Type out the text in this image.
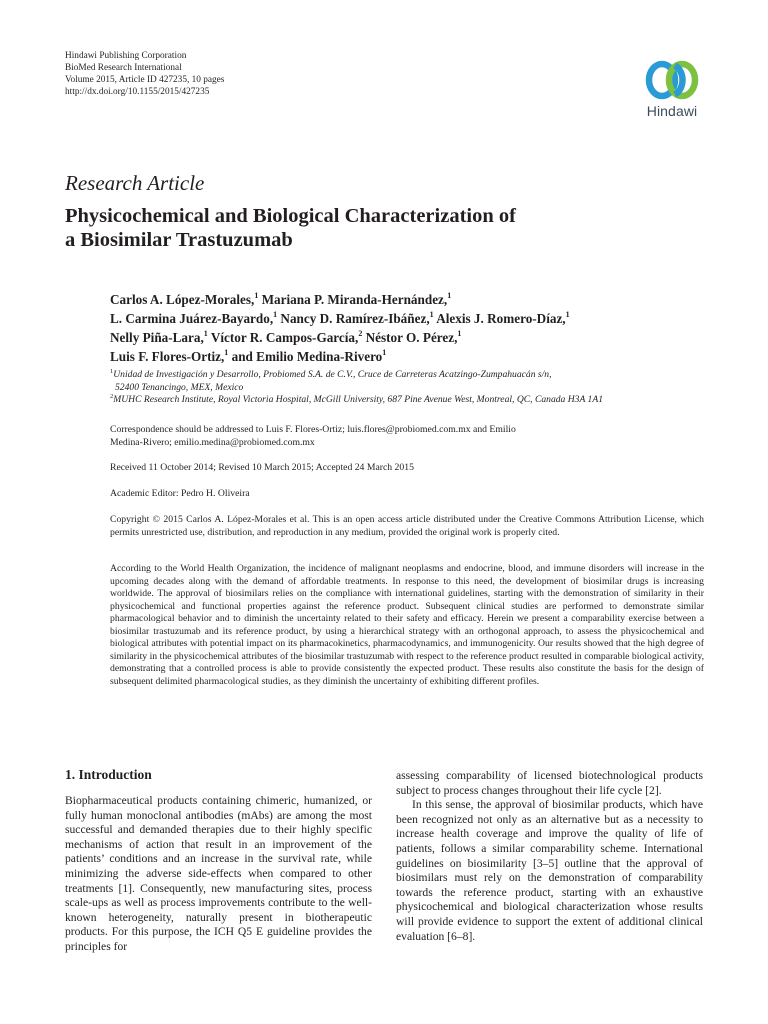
Hindawi Publishing Corporation
BioMed Research International
Volume 2015, Article ID 427235, 10 pages
http://dx.doi.org/10.1155/2015/427235
Hindawi
Research Article
Physicochemical and Biological Characterization of
a Biosimilar Trastuzumab
Carlos A. López-Morales,$^1$ Mariana P. Miranda-Hernández,$^1$
L. Carmina Juárez-Bayardo,$^1$ Nancy D. Ramírez-Ibáñez,$^1$ Alexis J. Romero-Díaz,$^1$
Nelly Piña-Lara,$^1$ Víctor R. Campos-García,$^2$ Néstor O. Pérez,$^1$
Luis F. Flores-Ortiz,$^1$ and Emilio Medina-Rivero$^1$
$^1$Unidad de Investigación y Desarrollo, Probiomed S.A. de C.V., Cruce de Carreteras Acatzingo-Zumpahuacán s/n,
52400 Tenancingo, MEX, Mexico
$^2$MUHC Research Institute, Royal Victoria Hospital, McGill University, 687 Pine Avenue West, Montreal, QC, Canada H3A 1A1
Correspondence should be addressed to Luis F. Flores-Ortiz; luis.flores@probiomed.com.mx and Emilio Medina-Rivero; emilio.medina@probiomed.com.mx
Received 11 October 2014; Revised 10 March 2015; Accepted 24 March 2015
Academic Editor: Pedro H. Oliveira
Copyright © 2015 Carlos A. López-Morales et al. This is an open access article distributed under the Creative Commons Attribution License, which permits unrestricted use, distribution, and reproduction in any medium, provided the original work is properly cited.
According to the World Health Organization, the incidence of malignant neoplasms and endocrine, blood, and immune disorders will increase in the upcoming decades along with the demand of affordable treatments. In response to this need, the development of biosimilar drugs is increasing worldwide. The approval of biosimilars relies on the compliance with international guidelines, starting with the demonstration of similarity in their physicochemical and functional properties against the reference product. Subsequent clinical studies are performed to demonstrate similar pharmacological behavior and to diminish the uncertainty related to their safety and efficacy. Herein we present a comparability exercise between a biosimilar trastuzumab and its reference product, by using a hierarchical strategy with an orthogonal approach, to assess the physicochemical and biological attributes with potential impact on its pharmacokinetics, pharmacodynamics, and immunogenicity. Our results showed that the high degree of similarity in the physicochemical attributes of the biosimilar trastuzumab with respect to the reference product resulted in comparable biological activity, demonstrating that a controlled process is able to provide consistently the expected product. These results also constitute the basis for the design of subsequent delimited pharmacological studies, as they diminish the uncertainty of exhibiting different profiles.
1. Introduction

Biopharmaceutical products containing chimeric, humanized, or fully human monoclonal antibodies (mAbs) are among the most successful and demanded therapies due to their highly specific mechanisms of action that result in an improvement of the patients’ conditions and an increase in the survival rate, while minimizing the adverse side-effects when compared to other treatments [1]. Consequently, new manufacturing sites, process scale-ups as well as process improvements contribute to the well-known heterogeneity, naturally present in biotherapeutic products. For this purpose, the ICH Q5 E guideline provides the principles for

assessing comparability of licensed biotechnological products subject to process changes throughout their life cycle [2].

In this sense, the approval of biosimilar products, which have been recognized not only as an alternative but as a necessity to increase health coverage and improve the quality of life of patients, follows a similar comparability scheme. International guidelines on biosimilarity [3–5] outline that the approval of biosimilars must rely on the demonstration of comparability towards the reference product, starting with an exhaustive physicochemical and biological characterization whose results will provide evidence to support the extent of additional clinical evaluation [6–8].
